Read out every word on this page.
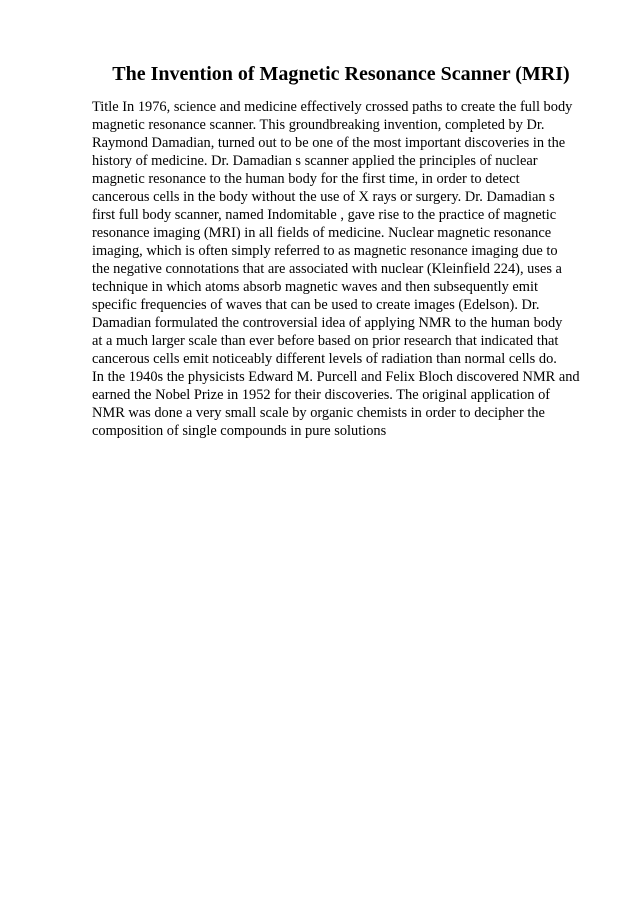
The Invention of Magnetic Resonance Scanner (MRI)
Title In 1976, science and medicine effectively crossed paths to create the full body
magnetic resonance scanner. This groundbreaking invention, completed by Dr.
Raymond Damadian, turned out to be one of the most important discoveries in the
history of medicine. Dr. Damadian s scanner applied the principles of nuclear
magnetic resonance to the human body for the first time, in order to detect
cancerous cells in the body without the use of X rays or surgery. Dr. Damadian s
first full body scanner, named Indomitable , gave rise to the practice of magnetic
resonance imaging (MRI) in all fields of medicine. Nuclear magnetic resonance
imaging, which is often simply referred to as magnetic resonance imaging due to
the negative connotations that are associated with nuclear (Kleinfield 224), uses a
technique in which atoms absorb magnetic waves and then subsequently emit
specific frequencies of waves that can be used to create images (Edelson). Dr.
Damadian formulated the controversial idea of applying NMR to the human body
at a much larger scale than ever before based on prior research that indicated that
cancerous cells emit noticeably different levels of radiation than normal cells do.
In the 1940s the physicists Edward M. Purcell and Felix Bloch discovered NMR and
earned the Nobel Prize in 1952 for their discoveries. The original application of
NMR was done a very small scale by organic chemists in order to decipher the
composition of single compounds in pure solutions
